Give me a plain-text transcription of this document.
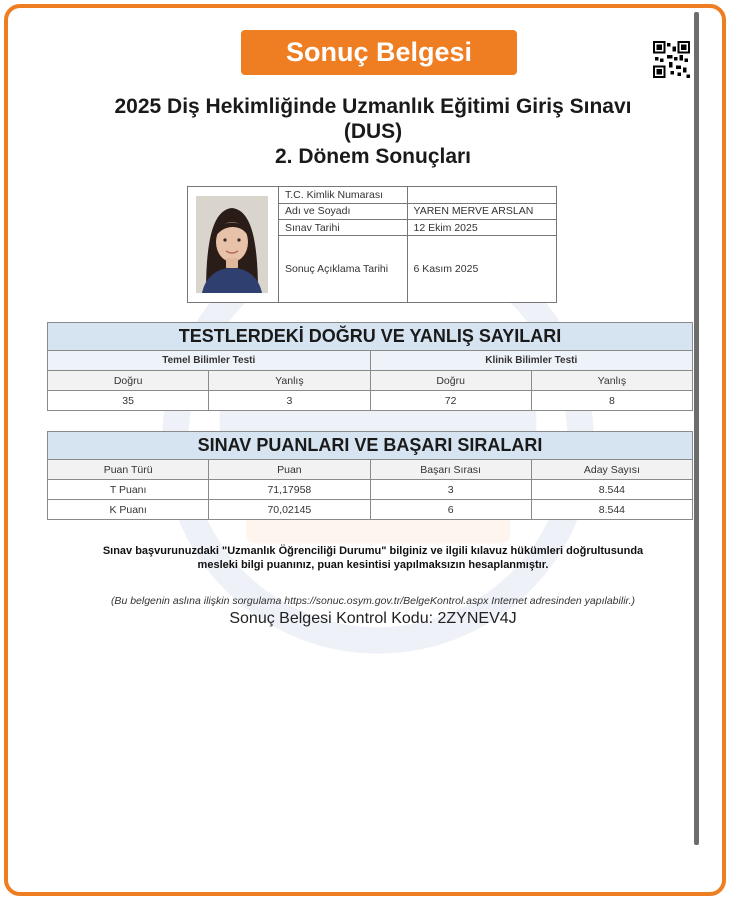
Sonuç Belgesi
2025 Diş Hekimliğinde Uzmanlık Eğitimi Giriş Sınavı
(DUS)
2. Dönem Sonuçları
T.C. Kimlik Numarası	
Adı ve Soyadı	YAREN MERVE ARSLAN
Sınav Tarihi	12 Ekim 2025
Sonuç Açıklama Tarihi	6 Kasım 2025
TESTLERDEKİ DOĞRU VE YANLIŞ SAYILARI			
Temel Bilimler Testi		Klinik Bilimler Testi	
Doğru	Yanlış	Doğru	Yanlış
35	3	72	8
SINAV PUANLARI VE BAŞARI SIRALARI			
Puan Türü	Puan	Başarı Sırası	Aday Sayısı
T Puanı	71,17958	3	8.544
K Puanı	70,02145	6	8.544
Sınav başvurunuzdaki "Uzmanlık Öğrenciliği Durumu" bilginiz ve ilgili kılavuz hükümleri doğrultusunda
mesleki bilgi puanınız, puan kesintisi yapılmaksızın hesaplanmıştır.
(Bu belgenin aslına ilişkin sorgulama https://sonuc.osym.gov.tr/BelgeKontrol.aspx Internet adresinden yapılabilir.)
Sonuç Belgesi Kontrol Kodu: 2ZYNEV4J
